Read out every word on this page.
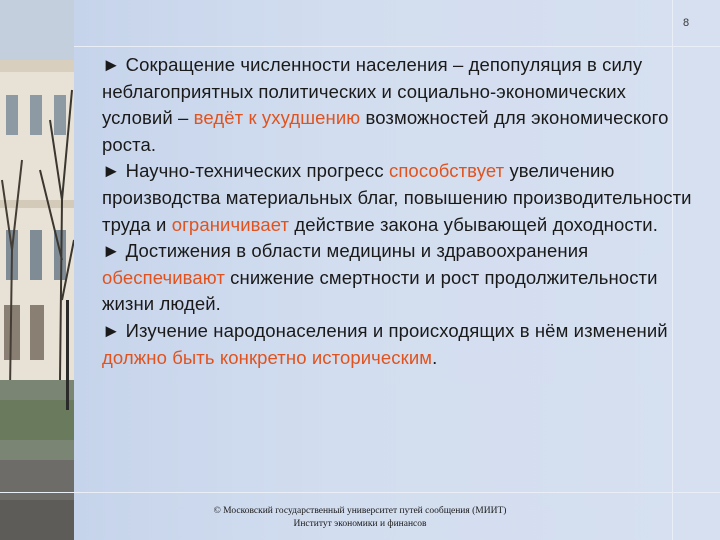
8

► Сокращение численности населения – депопуляция в силу неблагоприятных политических и социально-экономических условий – ведёт к ухудшению возможностей для экономического роста.

► Научно-технических прогресс способствует увеличению производства материальных благ, повышению производительности труда и ограничивает действие закона убывающей доходности.

► Достижения в области медицины и здравоохранения обеспечивают снижение смертности и рост продолжительности жизни людей.

► Изучение народонаселения и происходящих в нём изменений должно быть конкретно историческим.

© Московский государственный университет путей сообщения (МИИТ)
Институт экономики и финансов
